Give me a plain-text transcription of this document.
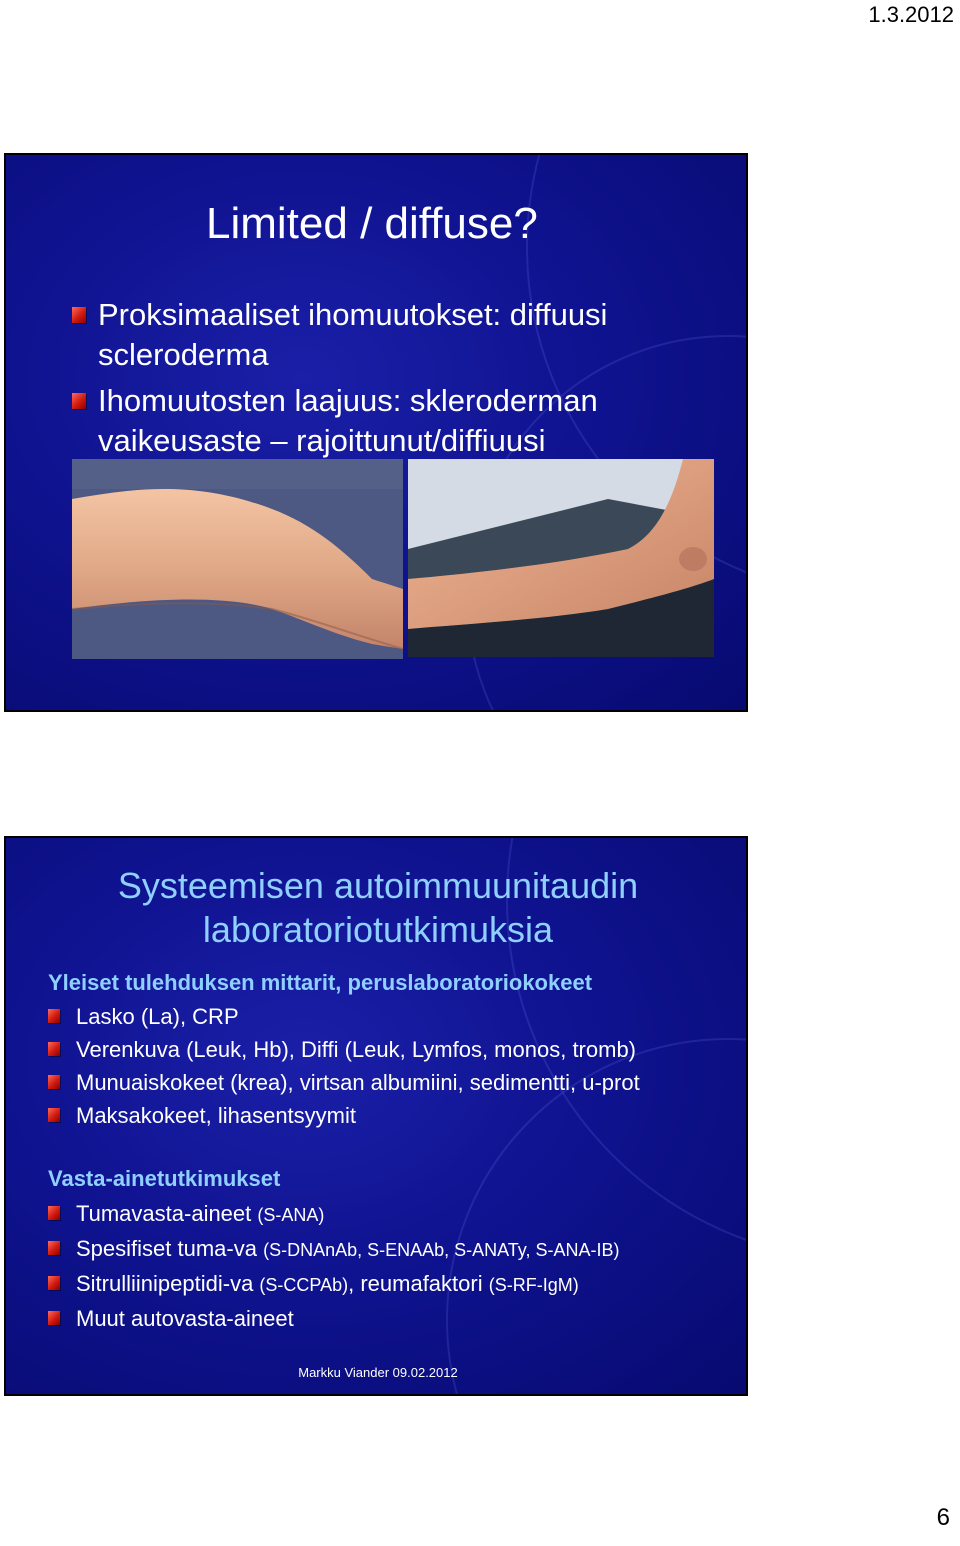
1.3.2012
Limited / diffuse?
Proksimaaliset ihomuutokset: diffuusi scleroderma
Ihomuutosten laajuus: skleroderman vaikeusaste – rajoittunut/diffiuusi
Systeemisen autoimmuunitaudin laboratoriotutkimuksia
Yleiset tulehduksen mittarit, peruslaboratoriokokeet
Lasko (La), CRP
Verenkuva (Leuk, Hb), Diffi (Leuk, Lymfos, monos, tromb)
Munuaiskokeet (krea), virtsan albumiini, sedimentti, u-prot
Maksakokeet, lihasentsyymit
Vasta-ainetutkimukset
Tumavasta-aineet (S-ANA)
Spesifiset tuma-va (S-DNAnAb, S-ENAAb, S-ANATy, S-ANA-IB)
Sitrulliinipeptidi-va (S-CCPAb), reumafaktori (S-RF-IgM)
Muut autovasta-aineet
Markku Viander 09.02.2012
6
